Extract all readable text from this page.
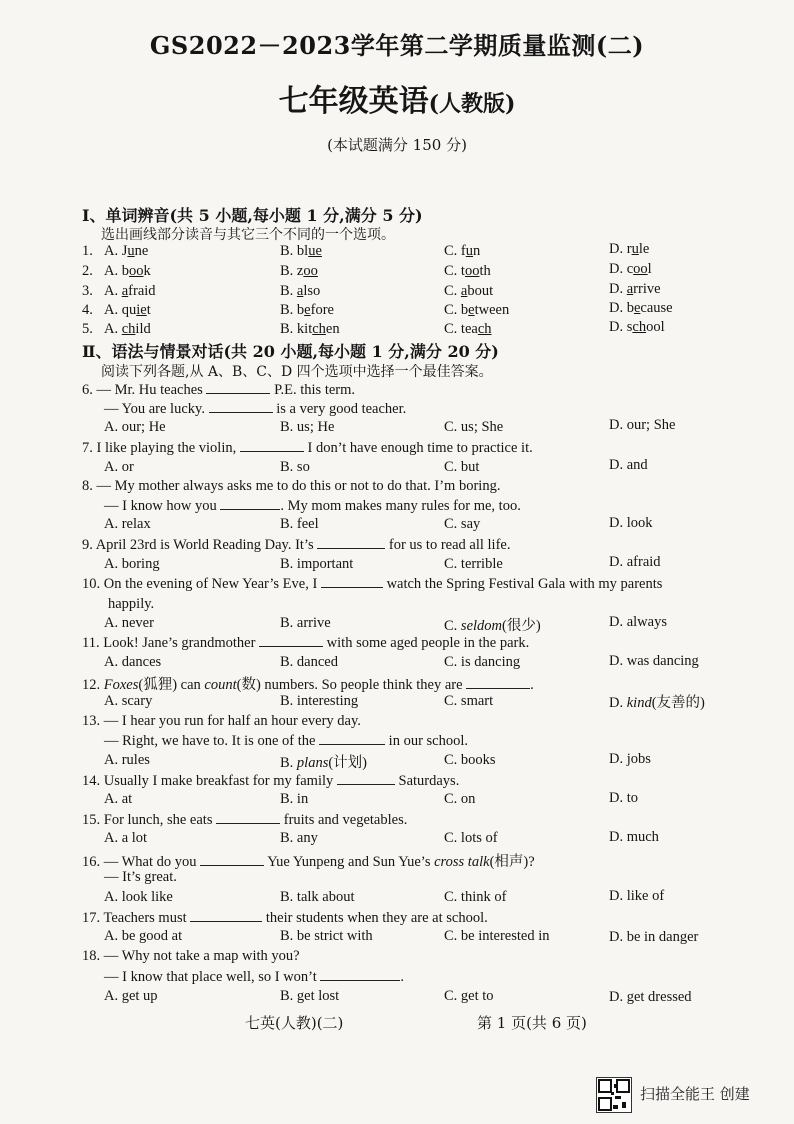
GS2022－2023学年第二学期质量监测(二)
七年级英语(人教版)
(本试题满分 150 分)
Ⅰ、单词辨音(共 5 小题,每小题 1 分,满分 5 分)
选出画线部分读音与其它三个不同的一个选项。
1. A. June	B. blue	C. fun	D. rule
2. A. book	B. zoo	C. tooth	D. cool
3. A. afraid	B. also	C. about	D. arrive
4. A. quiet	B. before	C. between	D. because
5. A. child	B. kitchen	C. teach	D. school
Ⅱ、语法与情景对话(共 20 小题,每小题 1 分,满分 20 分)
阅读下列各题,从 A、B、C、D 四个选项中选择一个最佳答案。
6. — Mr. Hu teaches	P.E. this term.
— You are lucky.	is a very good teacher.
A. our; He	B. us; He	C. us; She	D. our; She
7. I like playing the violin,	I don’t have enough time to practice it.
A. or	B. so	C. but	D. and
8. — My mother always asks me to do this or not to do that. I’m boring.
— I know how you	. My mom makes many rules for me, too.
A. relax	B. feel	C. say	D. look
9. April 23rd is World Reading Day. It’s	for us to read all life.
A. boring	B. important	C. terrible	D. afraid
10. On the evening of New Year’s Eve, I	watch the Spring Festival Gala with my parents
happily.
A. never	B. arrive	C. seldom(很少)	D. always
11. Look! Jane’s grandmother	with some aged people in the park.
A. dances	B. danced	C. is dancing	D. was dancing
12. Foxes(狐狸) can count(数) numbers. So people think they are	.
A. scary	B. interesting	C. smart	D. kind(友善的)
13. — I hear you run for half an hour every day.
— Right, we have to. It is one of the	in our school.
A. rules	B. plans(计划)	C. books	D. jobs
14. Usually I make breakfast for my family	Saturdays.
A. at	B. in	C. on	D. to
15. For lunch, she eats	fruits and vegetables.
A. a lot	B. any	C. lots of	D. much
16. — What do you	Yue Yunpeng and Sun Yue’s cross talk(相声)?
— It’s great.
A. look like	B. talk about	C. think of	D. like of
17. Teachers must	their students when they are at school.
A. be good at	B. be strict with	C. be interested in	D. be in danger
18. — Why not take a map with you?
— I know that place well, so I won’t	.
A. get up	B. get lost	C. get to	D. get dressed
七英(人教)(二)	第 1 页(共 6 页)
扫描全能王 创建
